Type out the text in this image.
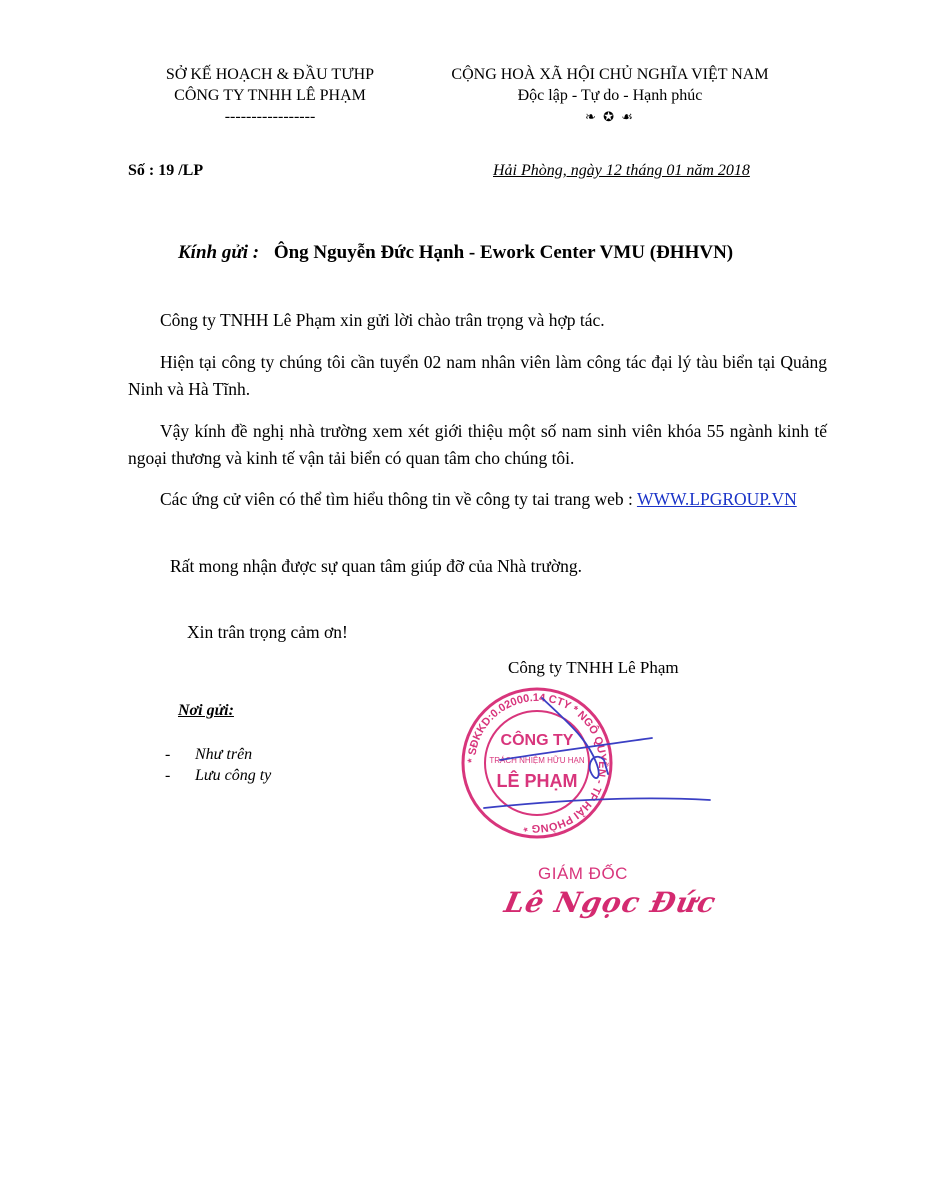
SỞ KẾ HOẠCH & ĐẦU TƯHP
CÔNG TY TNHH LÊ PHẠM
-----------------
CỘNG HOÀ XÃ HỘI CHỦ NGHĨA VIỆT NAM
Độc lập - Tự do - Hạnh phúc
❧ ✪ ☙
Số : 19 /LP	Hải Phòng, ngày 12 tháng 01 năm 2018
Kính gửi : Ông Nguyễn Đức Hạnh - Ework Center VMU (ĐHHVN)
Công ty TNHH Lê Phạm xin gửi lời chào trân trọng và hợp tác.
Hiện tại công ty chúng tôi cần tuyển 02 nam nhân viên làm công tác đại lý tàu biển tại Quảng Ninh và Hà Tĩnh.
Vậy kính đề nghị nhà trường xem xét giới thiệu một số nam sinh viên khóa 55 ngành kinh tế ngoại thương và kinh tế vận tải biển có quan tâm cho chúng tôi.
Các ứng cử viên có thể tìm hiểu thông tin về công ty tai trang web : WWW.LPGROUP.VN
Rất mong nhận được sự quan tâm giúp đỡ của Nhà trường.
Xin trân trọng cảm ơn!
Công ty TNHH Lê Phạm
Nơi gửi:
- Như trên
- Lưu công ty
* SĐKKD:0.02000.14 CTY * NGÔ QUYỀN - TP HẢI PHÒNG *
CÔNG TY
TRÁCH NHIỆM HỮU HẠN
LÊ PHẠM
GIÁM ĐỐC
Lê Ngọc Đức
